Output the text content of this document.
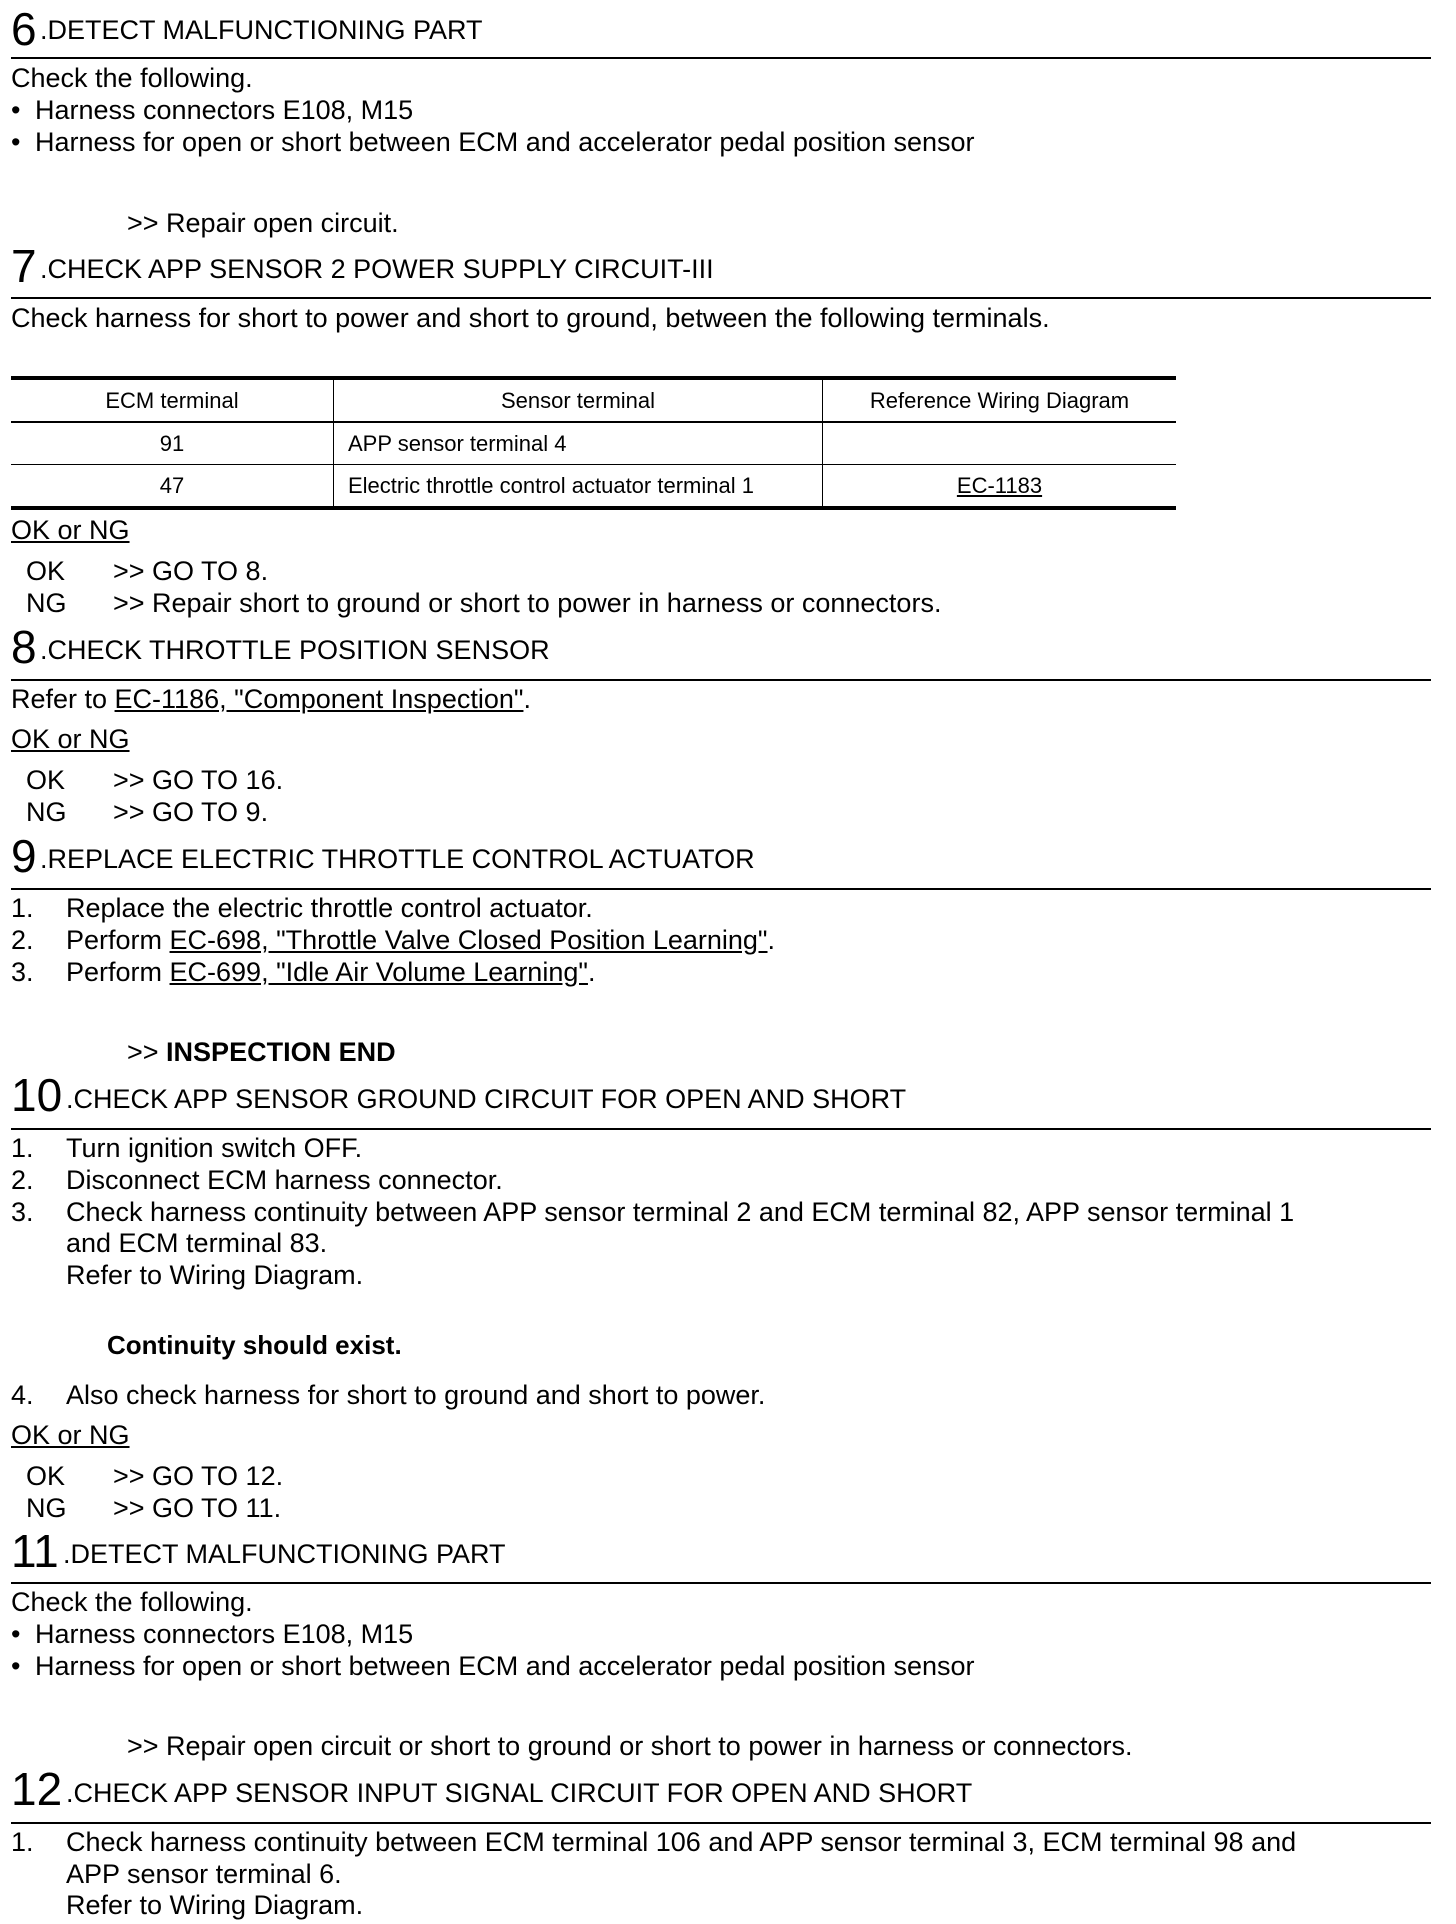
6 .DETECT MALFUNCTIONING PART
Check the following.
• Harness connectors E108, M15
• Harness for open or short between ECM and accelerator pedal position sensor
>> Repair open circuit.
7 .CHECK APP SENSOR 2 POWER SUPPLY CIRCUIT-III
Check harness for short to power and short to ground, between the following terminals.
ECM terminal	Sensor terminal	Reference Wiring Diagram
91	APP sensor terminal 4	
47	Electric throttle control actuator terminal 1	EC-1183
OK or NG
OK >> GO TO 8.
NG >> Repair short to ground or short to power in harness or connectors.
8 .CHECK THROTTLE POSITION SENSOR
Refer to EC-1186, "Component Inspection".
OK or NG
OK >> GO TO 16.
NG >> GO TO 9.
9 .REPLACE ELECTRIC THROTTLE CONTROL ACTUATOR
1. Replace the electric throttle control actuator.
2. Perform EC-698, "Throttle Valve Closed Position Learning".
3. Perform EC-699, "Idle Air Volume Learning".
>> INSPECTION END
10 .CHECK APP SENSOR GROUND CIRCUIT FOR OPEN AND SHORT
1. Turn ignition switch OFF.
2. Disconnect ECM harness connector.
3. Check harness continuity between APP sensor terminal 2 and ECM terminal 82, APP sensor terminal 1
and ECM terminal 83.
Refer to Wiring Diagram.
Continuity should exist.
4. Also check harness for short to ground and short to power.
OK or NG
OK >> GO TO 12.
NG >> GO TO 11.
11 .DETECT MALFUNCTIONING PART
Check the following.
• Harness connectors E108, M15
• Harness for open or short between ECM and accelerator pedal position sensor
>> Repair open circuit or short to ground or short to power in harness or connectors.
12 .CHECK APP SENSOR INPUT SIGNAL CIRCUIT FOR OPEN AND SHORT
1. Check harness continuity between ECM terminal 106 and APP sensor terminal 3, ECM terminal 98 and
APP sensor terminal 6.
Refer to Wiring Diagram.
